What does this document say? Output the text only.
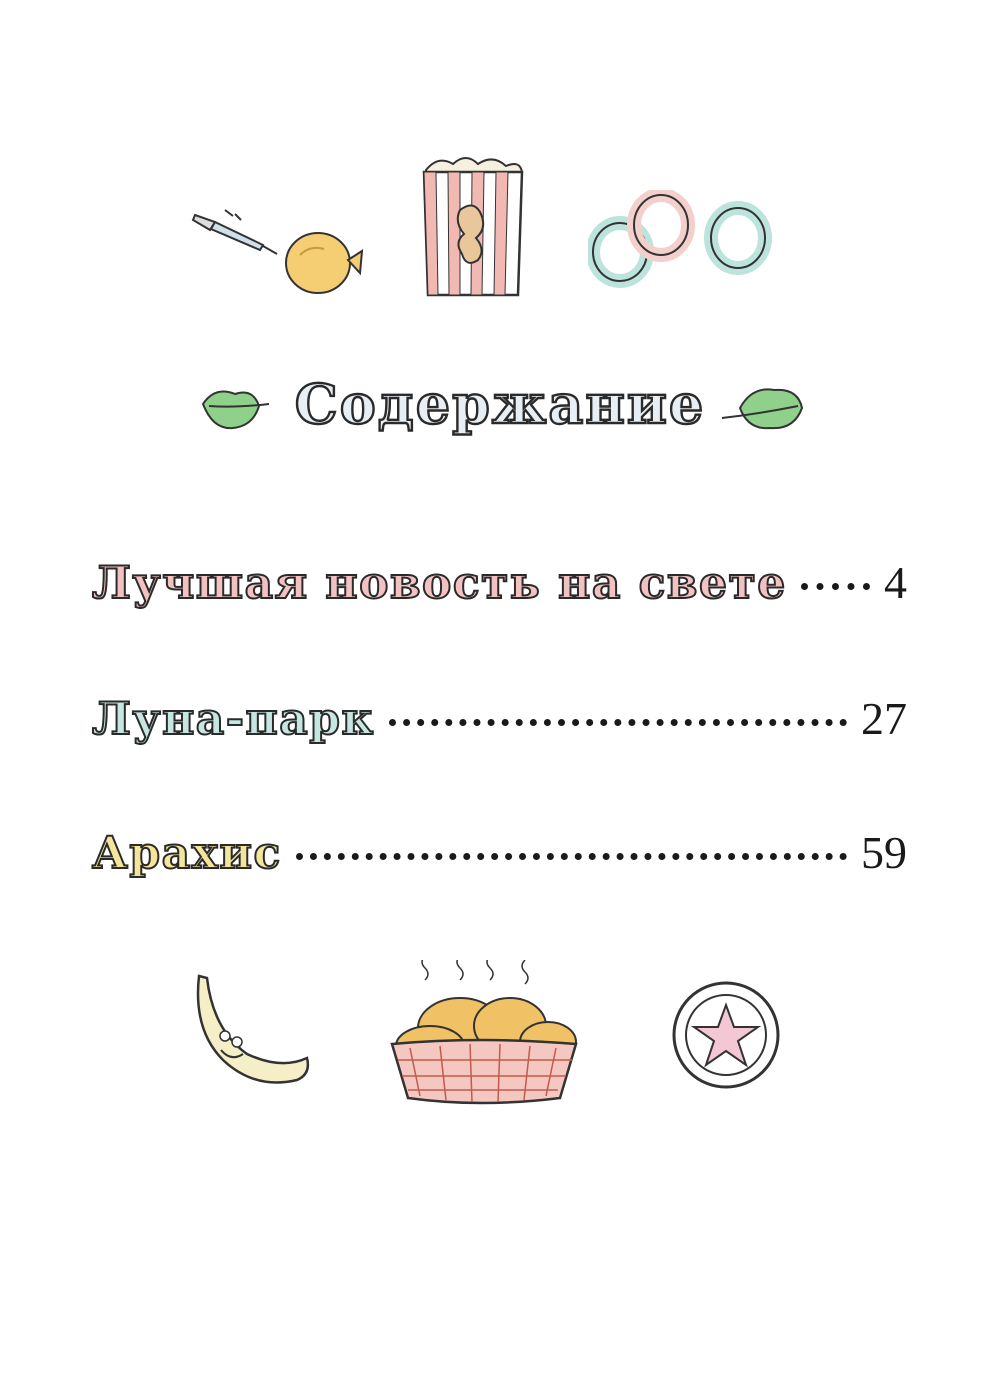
Содержание
Лучшая новость на свете 4
Луна-парк	27
Арахис	59
